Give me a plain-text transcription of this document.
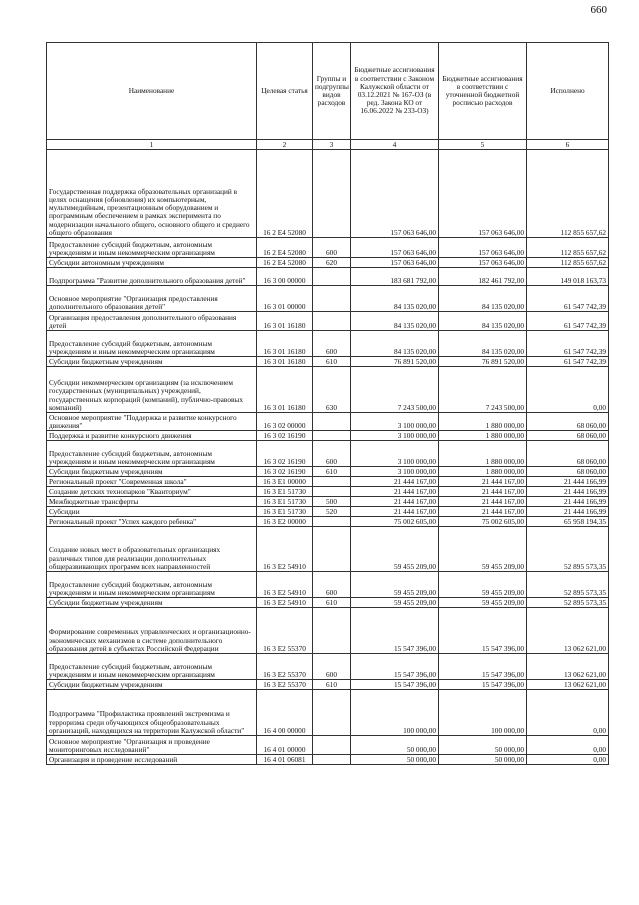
660
Наименование	Целевая статья	Группы и подгруппы видов расходов	Бюджетные ассигнования в соответствии с Законом Калужской области от 03.12.2021 № 167-ОЗ (в ред. Закона КО от 16.06.2022 № 233-ОЗ)	Бюджетные ассигнования в соответствии с уточненной бюджетной росписью расходов	Исполнено
1	2	3	4	5	6
Государственная поддержка образовательных организаций в целях оснащения (обновления) их компьютерным, мультимедийным, презентационным оборудованием и программным обеспечением в рамках эксперимента по модернизации начального общего, основного общего и среднего общего образования	16 2 E4 52080		157 063 646,00	157 063 646,00	112 855 657,62
Предоставление субсидий бюджетным, автономным учреждениям и иным некоммерческим организациям	16 2 E4 52080	600	157 063 646,00	157 063 646,00	112 855 657,62
Субсидии автономным учреждениям	16 2 E4 52080	620	157 063 646,00	157 063 646,00	112 855 657,62
Подпрограмма "Развитие дополнительного образования детей"	16 3 00 00000		183 681 792,00	182 461 792,00	149 018 163,73
Основное мероприятие "Организация предоставления дополнительного образования детей"	16 3 01 00000		84 135 020,00	84 135 020,00	61 547 742,39
Организация предоставления дополнительного образования детей	16 3 01 16180		84 135 020,00	84 135 020,00	61 547 742,39
Предоставление субсидий бюджетным, автономным учреждениям и иным некоммерческим организациям	16 3 01 16180	600	84 135 020,00	84 135 020,00	61 547 742,39
Субсидии бюджетным учреждениям	16 3 01 16180	610	76 891 520,00	76 891 520,00	61 547 742,39
Субсидии некоммерческим организациям (за исключением государственных (муниципальных) учреждений, государственных корпораций (компаний), публично-правовых компаний)	16 3 01 16180	630	7 243 500,00	7 243 500,00	0,00
Основное мероприятие "Поддержка и развитие конкурсного движения"	16 3 02 00000		3 100 000,00	1 880 000,00	68 060,00
Поддержка и развитие конкурсного движения	16 3 02 16190		3 100 000,00	1 880 000,00	68 060,00
Предоставление субсидий бюджетным, автономным учреждениям и иным некоммерческим организациям	16 3 02 16190	600	3 100 000,00	1 880 000,00	68 060,00
Субсидии бюджетным учреждениям	16 3 02 16190	610	3 100 000,00	1 880 000,00	68 060,00
Региональный проект "Современная школа"	16 3 E1 00000		21 444 167,00	21 444 167,00	21 444 166,99
Создание детских технопарков "Кванториум"	16 3 E1 51730		21 444 167,00	21 444 167,00	21 444 166,99
Межбюджетные трансферты	16 3 E1 51730	500	21 444 167,00	21 444 167,00	21 444 166,99
Субсидии	16 3 E1 51730	520	21 444 167,00	21 444 167,00	21 444 166,99
Региональный проект "Успех каждого ребенка"	16 3 E2 00000		75 002 605,00	75 002 605,00	65 958 194,35
Создание новых мест в образовательных организациях различных типов для реализации дополнительных общеразвивающих программ всех направленностей	16 3 E2 54910		59 455 209,00	59 455 209,00	52 895 573,35
Предоставление субсидий бюджетным, автономным учреждениям и иным некоммерческим организациям	16 3 E2 54910	600	59 455 209,00	59 455 209,00	52 895 573,35
Субсидии бюджетным учреждениям	16 3 E2 54910	610	59 455 209,00	59 455 209,00	52 895 573,35
Формирование современных управленческих и организационно-экономических механизмов в системе дополнительного образования детей в субъектах Российской Федерации	16 3 E2 55370		15 547 396,00	15 547 396,00	13 062 621,00
Предоставление субсидий бюджетным, автономным учреждениям и иным некоммерческим организациям	16 3 E2 55370	600	15 547 396,00	15 547 396,00	13 062 621,00
Субсидии бюджетным учреждениям	16 3 E2 55370	610	15 547 396,00	15 547 396,00	13 062 621,00
Подпрограмма "Профилактика проявлений экстремизма и терроризма среди обучающихся общеобразовательных организаций, находящихся на территории Калужской области"	16 4 00 00000		100 000,00	100 000,00	0,00
Основное мероприятие "Организация и проведение мониторинговых исследований"	16 4 01 00000		50 000,00	50 000,00	0,00
Организация и проведение исследований	16 4 01 06081		50 000,00	50 000,00	0,00
